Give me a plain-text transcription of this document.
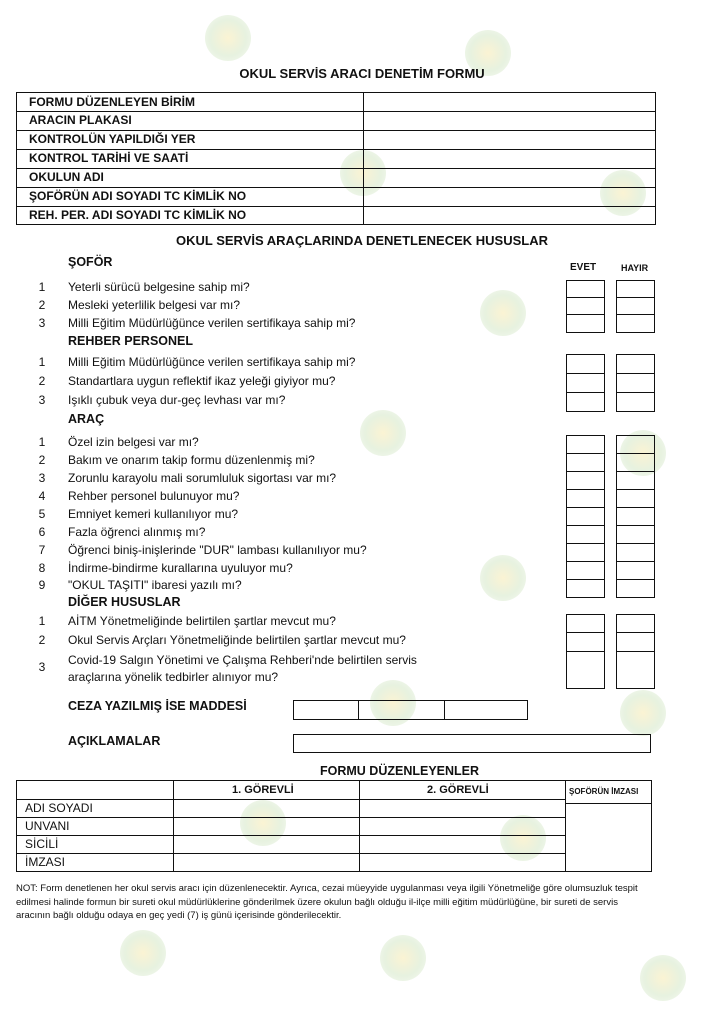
OKUL SERVİS ARACI DENETİM FORMU
FORMU DÜZENLEYEN BİRİM
ARACIN PLAKASI
KONTROLÜN YAPILDIĞI YER
KONTROL TARİHİ VE SAATİ
OKULUN ADI
ŞOFÖRÜN ADI SOYADI TC KİMLİK NO
REH. PER. ADI SOYADI TC KİMLİK NO
OKUL SERVİS ARAÇLARINDA DENETLENECEK HUSUSLAR
EVET	HAYIR
ŞOFÖR
1	Yeterli sürücü belgesine sahip mi?
2	Mesleki yeterlilik belgesi var mı?
3	Milli Eğitim Müdürlüğünce verilen sertifikaya sahip mi?
REHBER PERSONEL
1	Milli Eğitim Müdürlüğünce verilen sertifikaya sahip mi?
2	Standartlara uygun reflektif ikaz yeleği giyiyor mu?
3	Işıklı çubuk veya dur-geç levhası var mı?
ARAÇ
1	Özel izin belgesi var mı?
2	Bakım ve onarım takip formu düzenlenmiş mi?
3	Zorunlu karayolu mali sorumluluk sigortası var mı?
4	Rehber personel bulunuyor mu?
5	Emniyet kemeri kullanılıyor mu?
6	Fazla öğrenci alınmış mı?
7	Öğrenci biniş-inişlerinde "DUR" lambası kullanılıyor mu?
8	İndirme-bindirme kurallarına uyuluyor mu?
9	"OKUL TAŞITI" ibaresi yazılı mı?
DİĞER HUSUSLAR
1	AİTM Yönetmeliğinde belirtilen şartlar mevcut mu?
2	Okul Servis Arçları Yönetmeliğinde belirtilen şartlar mevcut mu?
3	Covid-19 Salgın Yönetimi ve Çalışma Rehberi'nde belirtilen servis
araçlarına yönelik tedbirler alınıyor mu?
CEZA YAZILMIŞ İSE MADDESİ
AÇIKLAMALAR
FORMU DÜZENLEYENLER
1. GÖREVLİ	2. GÖREVLİ	ŞOFÖRÜN İMZASI
ADI SOYADI
UNVANI
SİCİLİ
İMZASI
NOT: Form denetlenen her okul servis aracı için düzenlenecektir. Ayrıca, cezai müeyyide uygulanması veya ilgili Yönetmeliğe göre olumsuzluk tespit edilmesi halinde formun bir sureti okul müdürlüklerine gönderilmek üzere okulun bağlı olduğu il-ilçe milli eğitim müdürlüğüne, bir sureti de servis aracının bağlı olduğu odaya en geç yedi (7) iş günü içerisinde gönderilecektir.
